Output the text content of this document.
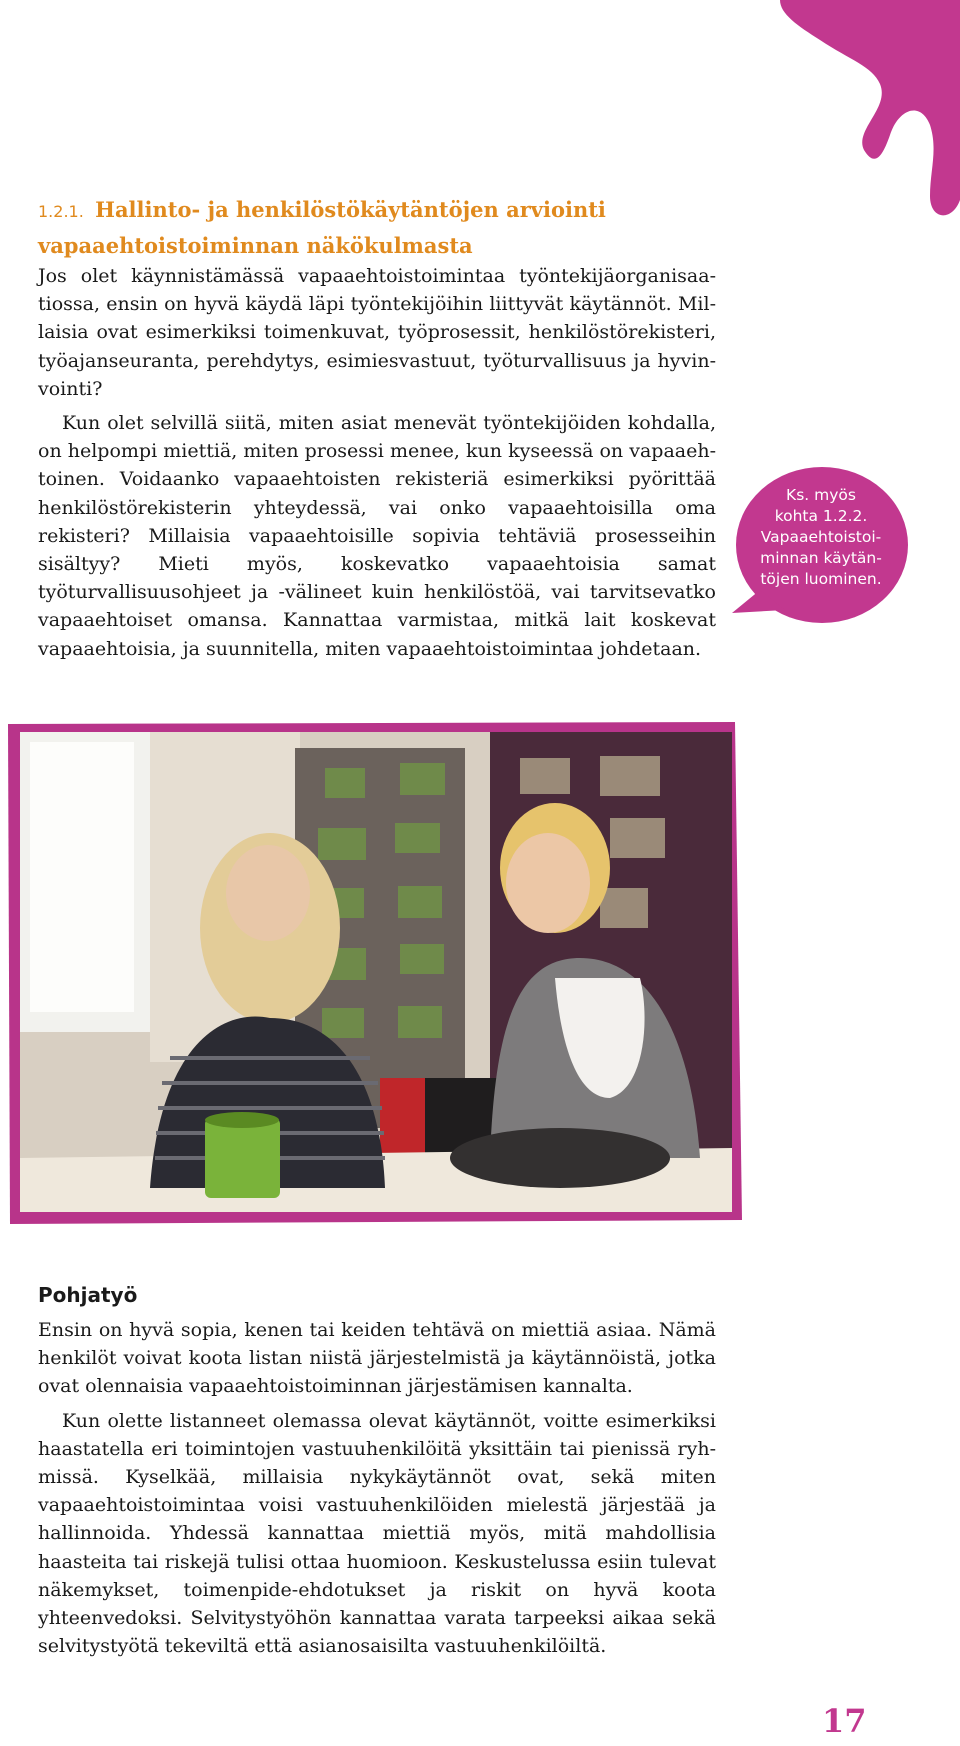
1.2.1. Hallinto- ja henkilöstökäytäntöjen arviointi vapaaehtoistoiminnan näkökulmasta

Jos olet käynnistämässä vapaaehtoistoimintaa työntekijäorganisaatiossa, ensin on hyvä käydä läpi työntekijöihin liittyvät käytännöt. Millaisia ovat esimerkiksi toimenkuvat, työprosessit, henkilöstörekisteri, työajanseuranta, perehdytys, esimiesvastuut, työturvallisuus ja hyvinvointi?

Kun olet selvillä siitä, miten asiat menevät työntekijöiden kohdalla, on helpompi miettiä, miten prosessi menee, kun kyseessä on vapaaehtoinen. Voidaanko vapaaehtoisten rekisteriä esimerkiksi pyörittää henkilöstörekisterin yhteydessä, vai onko vapaaehtoisilla oma rekisteri? Millaisia vapaaehtoisille sopivia tehtäviä prosesseihin sisältyy? Mieti myös, koskevatko vapaaehtoisia samat työturvallisuusohjeet ja -välineet kuin henkilöstöä, vai tarvitsevatko vapaaehtoiset omansa. Kannattaa varmistaa, mitkä lait koskevat vapaaehtoisia, ja suunnitella, miten vapaaehtoistoimintaa johdetaan.

Ks. myös
kohta 1.2.2.
Vapaaehtoistoi-
minnan käytän-
töjen luominen.
Pohjatyö

Ensin on hyvä sopia, kenen tai keiden tehtävä on miettiä asiaa. Nämä henkilöt voivat koota listan niistä järjestelmistä ja käytännöistä, jotka ovat olennaisia vapaaehtoistoiminnan järjestämisen kannalta.

Kun olette listanneet olemassa olevat käytännöt, voitte esimerkiksi haastatella eri toimintojen vastuuhenkilöitä yksittäin tai pienissä ryhmissä. Kyselkää, millaisia nykykäytännöt ovat, sekä miten vapaaehtoistoimintaa voisi vastuuhenkilöiden mielestä järjestää ja hallinnoida. Yhdessä kannattaa miettiä myös, mitä mahdollisia haasteita tai riskejä tulisi ottaa huomioon. Keskustelussa esiin tulevat näkemykset, toimenpide-ehdotukset ja riskit on hyvä koota yhteenvedoksi. Selvitystyöhön kannattaa varata tarpeeksi aikaa sekä selvitystyötä tekeviltä että asianosaisilta vastuuhenkilöiltä.

17
